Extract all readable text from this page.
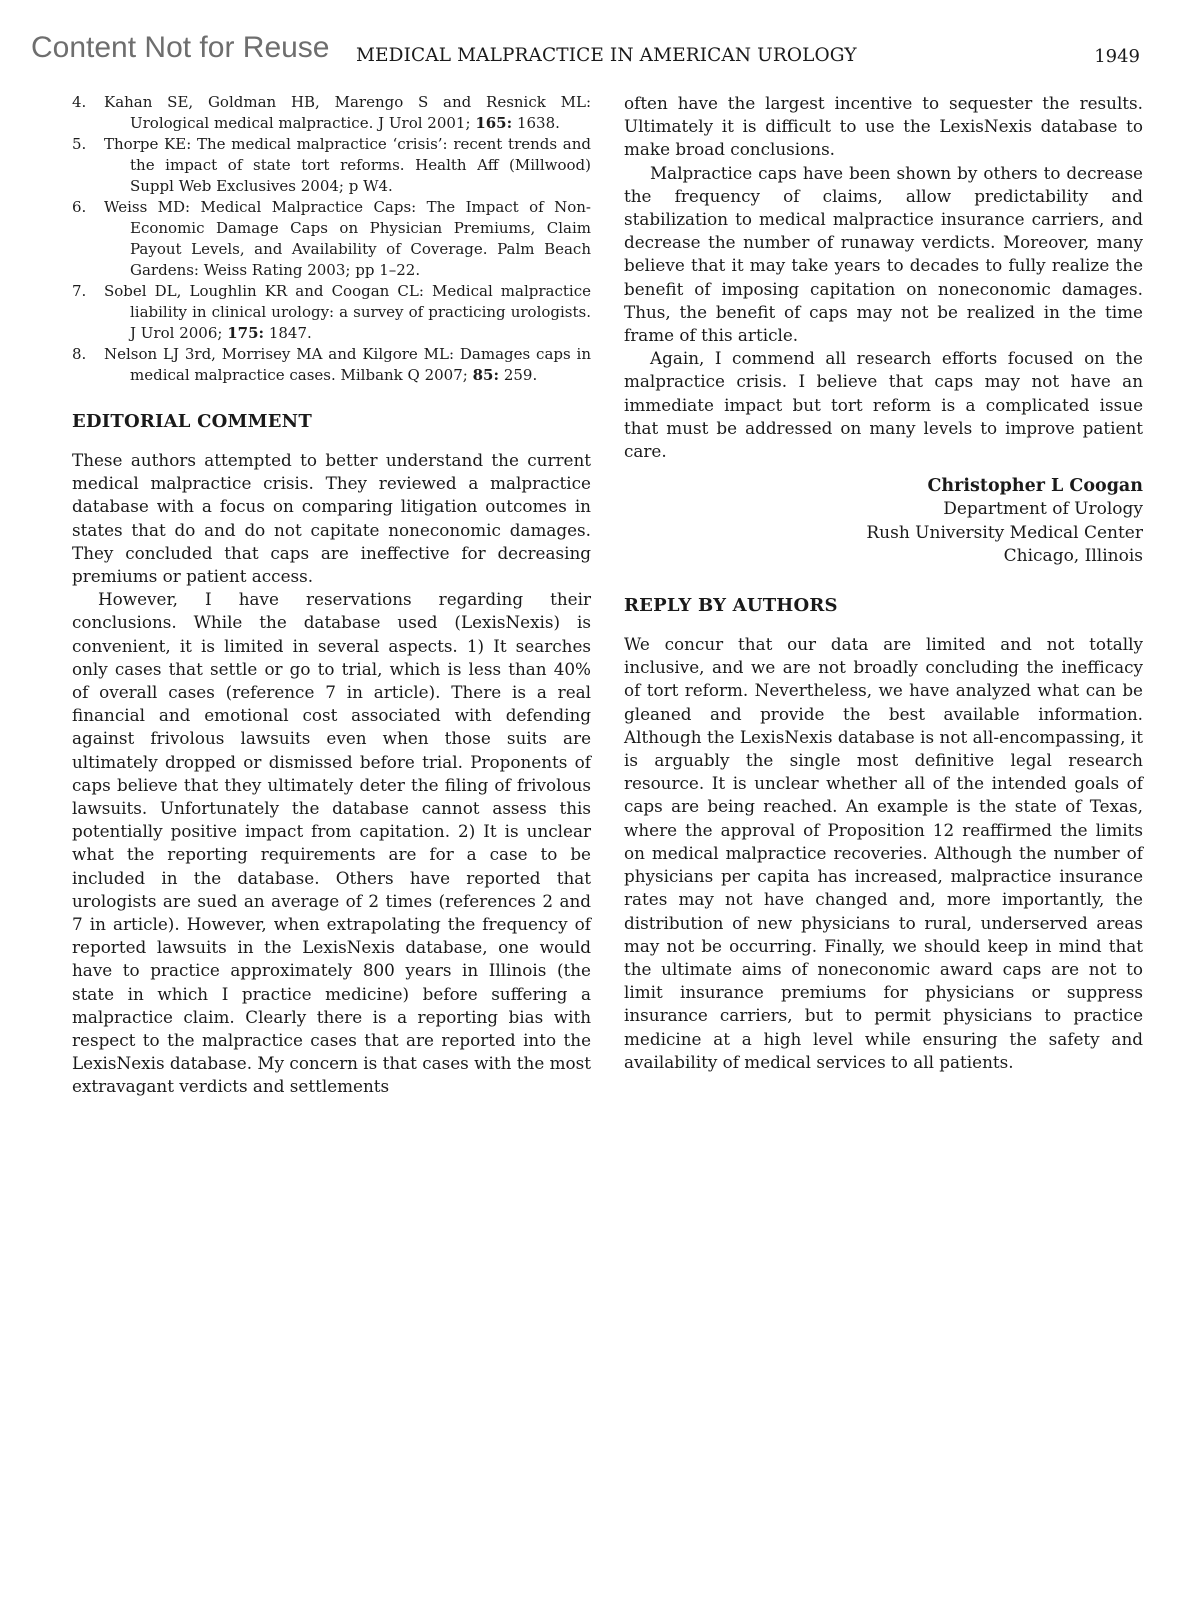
Content Not for Reuse MEDICAL MALPRACTICE IN AMERICAN UROLOGY	1949
4.	Kahan SE, Goldman HB, Marengo S and Resnick ML: Urological medical malpractice. J Urol 2001; 165: 1638.
5.	Thorpe KE: The medical malpractice ‘crisis’: recent trends and the impact of state tort reforms. Health Aff (Millwood) Suppl Web Exclusives 2004; p W4.
6.	Weiss MD: Medical Malpractice Caps: The Impact of Non-Economic Damage Caps on Physician Premiums, Claim Payout Levels, and Availability of Coverage. Palm Beach Gardens: Weiss Rating 2003; pp 1–22.
7.	Sobel DL, Loughlin KR and Coogan CL: Medical malpractice liability in clinical urology: a survey of practicing urologists. J Urol 2006; 175: 1847.
8.	Nelson LJ 3rd, Morrisey MA and Kilgore ML: Damages caps in medical malpractice cases. Milbank Q 2007; 85: 259.
EDITORIAL COMMENT

These authors attempted to better understand the current medical malpractice crisis. They reviewed a malpractice database with a focus on comparing litigation outcomes in states that do and do not capitate noneconomic damages. They concluded that caps are ineffective for decreasing premiums or patient access.

However, I have reservations regarding their conclusions. While the database used (LexisNexis) is convenient, it is limited in several aspects. 1) It searches only cases that settle or go to trial, which is less than 40% of overall cases (reference 7 in article). There is a real financial and emotional cost associated with defending against frivolous lawsuits even when those suits are ultimately dropped or dismissed before trial. Proponents of caps believe that they ultimately deter the filing of frivolous lawsuits. Unfortunately the database cannot assess this potentially positive impact from capitation. 2) It is unclear what the reporting requirements are for a case to be included in the database. Others have reported that urologists are sued an average of 2 times (references 2 and 7 in article). However, when extrapolating the frequency of reported lawsuits in the LexisNexis database, one would have to practice approximately 800 years in Illinois (the state in which I practice medicine) before suffering a malpractice claim. Clearly there is a reporting bias with respect to the malpractice cases that are reported into the LexisNexis database. My concern is that cases with the most extravagant verdicts and settlements

often have the largest incentive to sequester the results. Ultimately it is difficult to use the LexisNexis database to make broad conclusions.

Malpractice caps have been shown by others to decrease the frequency of claims, allow predictability and stabilization to medical malpractice insurance carriers, and decrease the number of runaway verdicts. Moreover, many believe that it may take years to decades to fully realize the benefit of imposing capitation on noneconomic damages. Thus, the benefit of caps may not be realized in the time frame of this article.

Again, I commend all research efforts focused on the malpractice crisis. I believe that caps may not have an immediate impact but tort reform is a complicated issue that must be addressed on many levels to improve patient care.

Christopher L Coogan
Department of Urology
Rush University Medical Center
Chicago, Illinois
REPLY BY AUTHORS

We concur that our data are limited and not totally inclusive, and we are not broadly concluding the inefficacy of tort reform. Nevertheless, we have analyzed what can be gleaned and provide the best available information. Although the LexisNexis database is not all-encompassing, it is arguably the single most definitive legal research resource. It is unclear whether all of the intended goals of caps are being reached. An example is the state of Texas, where the approval of Proposition 12 reaffirmed the limits on medical malpractice recoveries. Although the number of physicians per capita has increased, malpractice insurance rates may not have changed and, more importantly, the distribution of new physicians to rural, underserved areas may not be occurring. Finally, we should keep in mind that the ultimate aims of noneconomic award caps are not to limit insurance premiums for physicians or suppress insurance carriers, but to permit physicians to practice medicine at a high level while ensuring the safety and availability of medical services to all patients.
